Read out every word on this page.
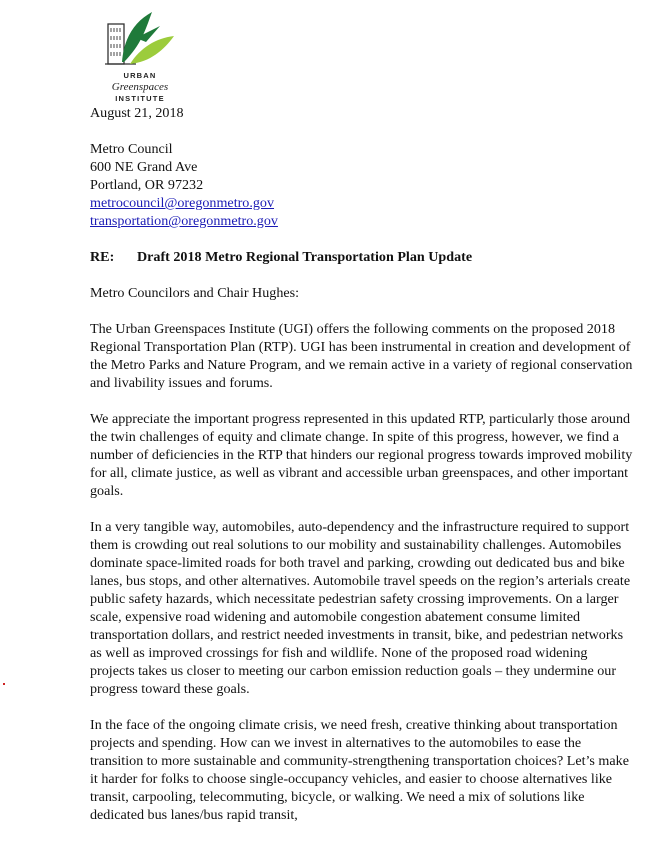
URBAN
Greenspaces
INSTITUTE

August 21, 2018

Metro Council

600 NE Grand Ave

Portland, OR 97232

metrocouncil@oregonmetro.gov

transportation@oregonmetro.gov

RE: Draft 2018 Metro Regional Transportation Plan Update

Metro Councilors and Chair Hughes:

The Urban Greenspaces Institute (UGI) offers the following comments on the proposed 2018 Regional Transportation Plan (RTP). UGI has been instrumental in creation and development of the Metro Parks and Nature Program, and we remain active in a variety of regional conservation and livability issues and forums.

We appreciate the important progress represented in this updated RTP, particularly those around the twin challenges of equity and climate change. In spite of this progress, however, we find a number of deficiencies in the RTP that hinders our regional progress towards improved mobility for all, climate justice, as well as vibrant and accessible urban greenspaces, and other important goals.

In a very tangible way, automobiles, auto-dependency and the infrastructure required to support them is crowding out real solutions to our mobility and sustainability challenges. Automobiles dominate space-limited roads for both travel and parking, crowding out dedicated bus and bike lanes, bus stops, and other alternatives. Automobile travel speeds on the region’s arterials create public safety hazards, which necessitate pedestrian safety crossing improvements. On a larger scale, expensive road widening and automobile congestion abatement consume limited transportation dollars, and restrict needed investments in transit, bike, and pedestrian networks as well as improved crossings for fish and wildlife. None of the proposed road widening projects takes us closer to meeting our carbon emission reduction goals – they undermine our progress toward these goals.

In the face of the ongoing climate crisis, we need fresh, creative thinking about transportation projects and spending. How can we invest in alternatives to the automobiles to ease the transition to more sustainable and community-strengthening transportation choices? Let’s make it harder for folks to choose single-occupancy vehicles, and easier to choose alternatives like transit, carpooling, telecommuting, bicycle, or walking. We need a mix of solutions like dedicated bus lanes/bus rapid transit,
